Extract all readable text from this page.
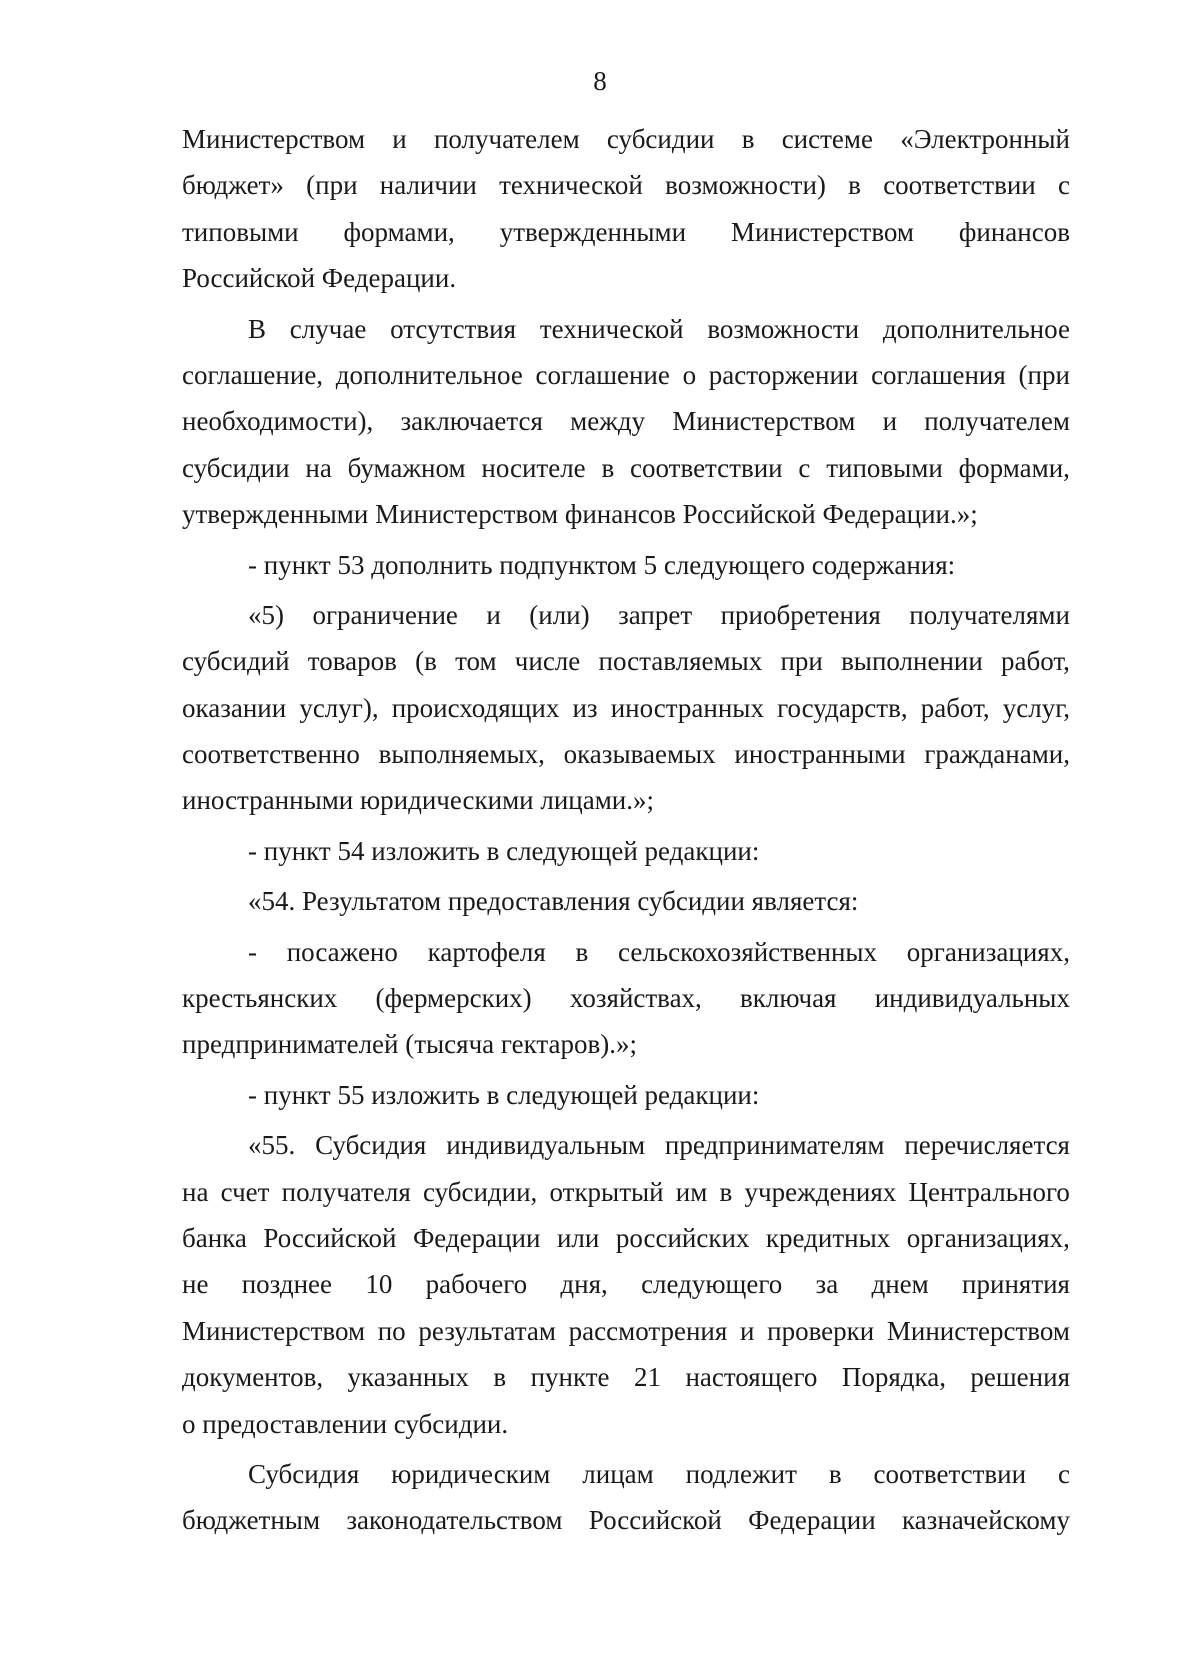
8
Министерством и получателем субсидии в системе «Электронный
бюджет» (при наличии технической возможности) в соответствии с
типовыми формами, утвержденными Министерством финансов
Российской Федерации.
В случае отсутствия технической возможности дополнительное
соглашение, дополнительное соглашение о расторжении соглашения (при
необходимости), заключается между Министерством и получателем
субсидии на бумажном носителе в соответствии с типовыми формами,
утвержденными Министерством финансов Российской Федерации.»;
- пункт 53 дополнить подпунктом 5 следующего содержания:
«5) ограничение и (или) запрет приобретения получателями
субсидий товаров (в том числе поставляемых при выполнении работ,
оказании услуг), происходящих из иностранных государств, работ, услуг,
соответственно выполняемых, оказываемых иностранными гражданами,
иностранными юридическими лицами.»;
- пункт 54 изложить в следующей редакции:
«54. Результатом предоставления субсидии является:
- посажено картофеля в сельскохозяйственных организациях,
крестьянских (фермерских) хозяйствах, включая индивидуальных
предпринимателей (тысяча гектаров).»;
- пункт 55 изложить в следующей редакции:
«55. Субсидия индивидуальным предпринимателям перечисляется
на счет получателя субсидии, открытый им в учреждениях Центрального
банка Российской Федерации или российских кредитных организациях,
не позднее 10 рабочего дня, следующего за днем принятия
Министерством по результатам рассмотрения и проверки Министерством
документов, указанных в пункте 21 настоящего Порядка, решения
о предоставлении субсидии.
Субсидия юридическим лицам подлежит в соответствии с
бюджетным законодательством Российской Федерации казначейскому
